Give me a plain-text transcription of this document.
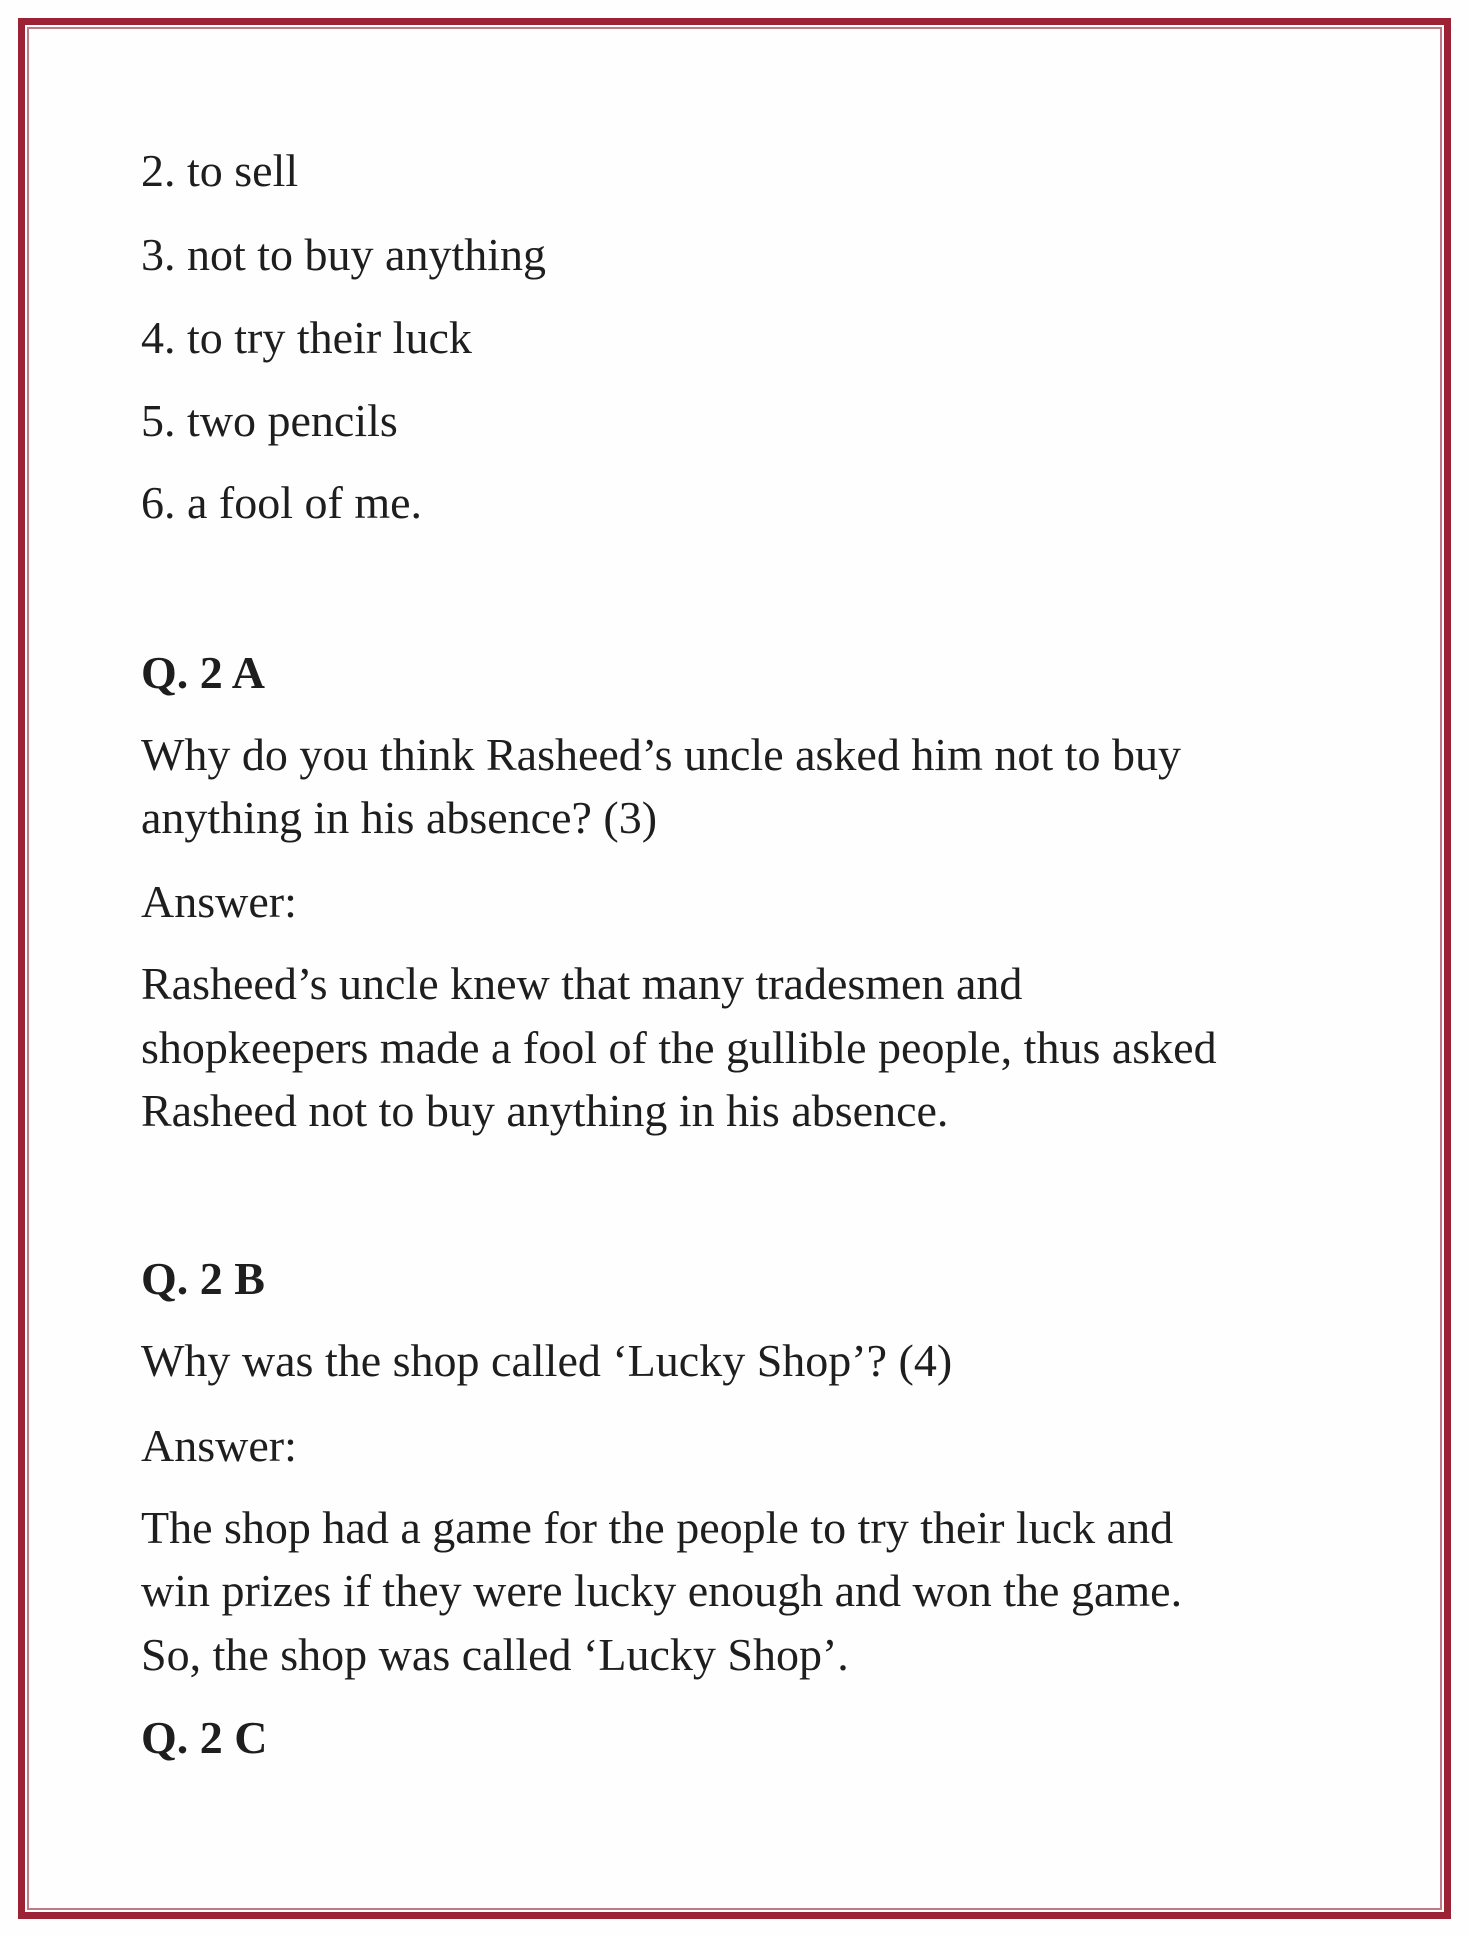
2. to sell
3. not to buy anything
4. to try their luck
5. two pencils
6. a fool of me.
Q. 2 A
Why do you think Rasheed’s uncle asked him not to buy
anything in his absence? (3)
Answer:
Rasheed’s uncle knew that many tradesmen and
shopkeepers made a fool of the gullible people, thus asked
Rasheed not to buy anything in his absence.
Q. 2 B
Why was the shop called ‘Lucky Shop’? (4)
Answer:
The shop had a game for the people to try their luck and
win prizes if they were lucky enough and won the game.
So, the shop was called ‘Lucky Shop’.
Q. 2 C
